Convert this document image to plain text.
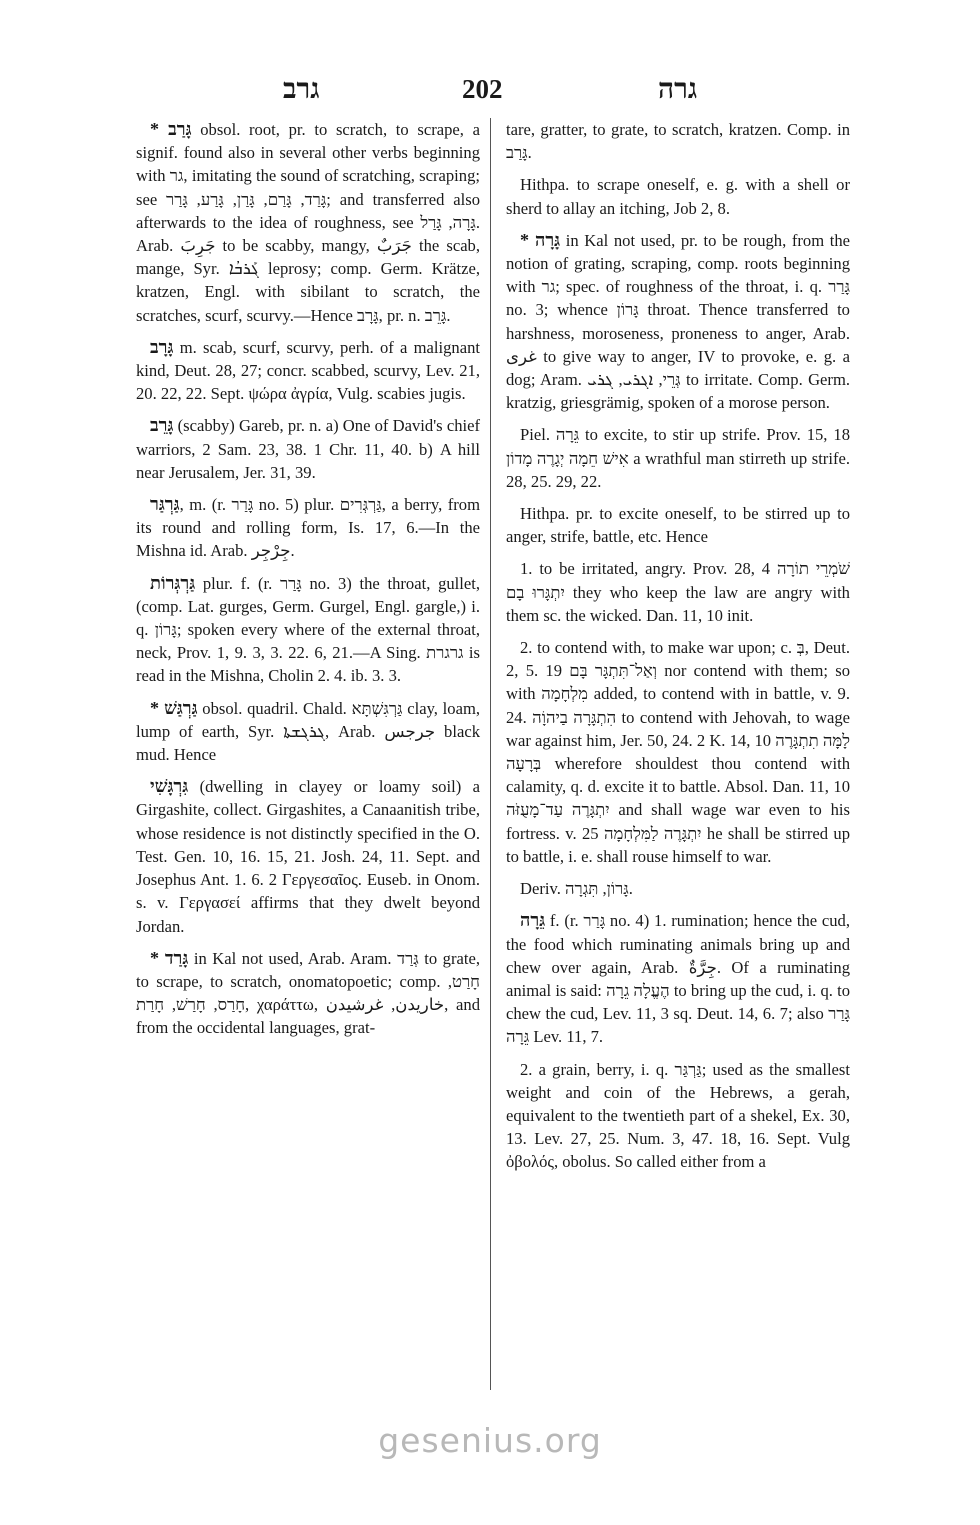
גרב	202	גרה

* גָּרַב obsol. root, pr. to scratch, to scrape, a signif. found also in several other verbs beginning with גר, imitating the sound of scratching, scraping; see גָּרַד, גָּרַם, גָּרַן, גָּרַע, גָּרַר; and transferred also afterwards to the idea of roughness, see גָּרָה, גָּרַל. Arab. جَرِبَ to be scabby, mangy, جَرَبٌ the scab, mange, Syr. ܓܰܪܒܳܐ leprosy; comp. Germ. Krätze, kratzen, Engl. with sibilant to scratch, the scratches, scurf, scurvy.—Hence גָּרָב, pr. n. גָּרֵב.

גָּרָב m. scab, scurf, scurvy, perh. of a malignant kind, Deut. 28, 27; concr. scabbed, scurvy, Lev. 21, 20. 22, 22. Sept. ψώρα ἀγρία, Vulg. scabies jugis.

גָּרֵב (scabby) Gareb, pr. n. a) One of David's chief warriors, 2 Sam. 23, 38. 1 Chr. 11, 40. b) A hill near Jerusalem, Jer. 31, 39.

גַּרְגַּר, m. (r. גָּרַר no. 5) plur. גַּרְגְּרִים, a berry, from its round and rolling form, Is. 17, 6.—In the Mishna id. Arab. جِرْجِر.

גַּרְגְּרוֹת plur. f. (r. גָּרַר no. 3) the throat, gullet, (comp. Lat. gurges, Germ. Gurgel, Engl. gargle,) i. q. גָּרוֹן; spoken every where of the external throat, neck, Prov. 1, 9. 3, 3. 22. 6, 21.—A Sing. גרגרת is read in the Mishna, Cholin 2. 4. ib. 3. 3.

* גַּרְגַּשׁ obsol. quadril. Chald. גַּרְגִּשְׁתָּא clay, loam, lump of earth, Syr. ܓܪܓܫܬܐ, Arab. جرجس black mud. Hence

גִּרְגָּשִׁי (dwelling in clayey or loamy soil) a Girgashite, collect. Girgashites, a Canaanitish tribe, whose residence is not distinctly specified in the O. Test. Gen. 10, 16. 15, 21. Josh. 24, 11. Sept. and Josephus Ant. 1. 6. 2 Γεργεσαῖος. Euseb. in Onom. s. v. Γεργασεί affirms that they dwelt beyond Jordan.

* גָּרַד in Kal not used, Arab. Aram. גְּרַד to grate, to scrape, to scratch, onomatopoetic; comp. חָרַט, חָרַס, חָרַשׁ, חָרַת, χαράττω, خاريدن, غرشيدن, and from the occidental languages, grat-

tare, gratter, to grate, to scratch, kratzen. Comp. in גָּרַב.

Hithpa. to scrape oneself, e. g. with a shell or sherd to allay an itching, Job 2, 8.

* גָּרָה in Kal not used, pr. to be rough, from the notion of grating, scraping, comp. roots beginning with גר; spec. of roughness of the throat, i. q. גָּרַר no. 3; whence גָּרוֹן throat. Thence transferred to harshness, moroseness, proneness to anger, Arab. غرى to give way to anger, IV to provoke, e. g. a dog; Aram. גְּרֵי, ܐܓܪܝ, ܓܪܝ to irritate. Comp. Germ. kratzig, griesgrämig, spoken of a morose person.

Piel. גֵּרָה to excite, to stir up strife. Prov. 15, 18 אִישׁ חֵמָה יְגָרֶה מָדוֹן a wrathful man stirreth up strife. 28, 25. 29, 22.

Hithpa. pr. to excite oneself, to be stirred up to anger, strife, battle, etc. Hence

1. to be irritated, angry. Prov. 28, 4 שֹׁמְרֵי תוֹרָה יִתְגָּרוּ בָם they who keep the law are angry with them sc. the wicked. Dan. 11, 10 init.

2. to contend with, to make war upon; c. בְּ, Deut. 2, 5. 19 וְאַל־תִּתְגָּר בָּם nor contend with them; so with מִלְחָמָה added, to contend with in battle, v. 9. 24. הִתְגָּרָה בַיהוָֹה to contend with Jehovah, to wage war against him, Jer. 50, 24. 2 K. 14, 10 לָמָּה תִתְגָּרֶה בְּרָעָה wherefore shouldest thou contend with calamity, q. d. excite it to battle. Absol. Dan. 11, 10 יִתְגָּרֶה עַד־מָעֻזֹּה and shall wage war even to his fortress. v. 25 יִתְגָּרֶה לַמִּלְחָמָה he shall be stirred up to battle, i. e. shall rouse himself to war.

Deriv. גָּרוֹן, תִּגְרָה.

גֵּרָה f. (r. גָּרַר no. 4) 1. rumination; hence the cud, the food which ruminating animals bring up and chew over again, Arab. جِرَّةٌ. Of a ruminating animal is said: הֶעֱלָה גֵרָה to bring up the cud, i. q. to chew the cud, Lev. 11, 3 sq. Deut. 14, 6. 7; also גָּרַר גֵּרָה Lev. 11, 7.

2. a grain, berry, i. q. גַּרְגַּר; used as the smallest weight and coin of the Hebrews, a gerah, equivalent to the twentieth part of a shekel, Ex. 30, 13. Lev. 27, 25. Num. 3, 47. 18, 16. Sept. Vulg ὀβολός, obolus. So called either from a

gesenius.org
